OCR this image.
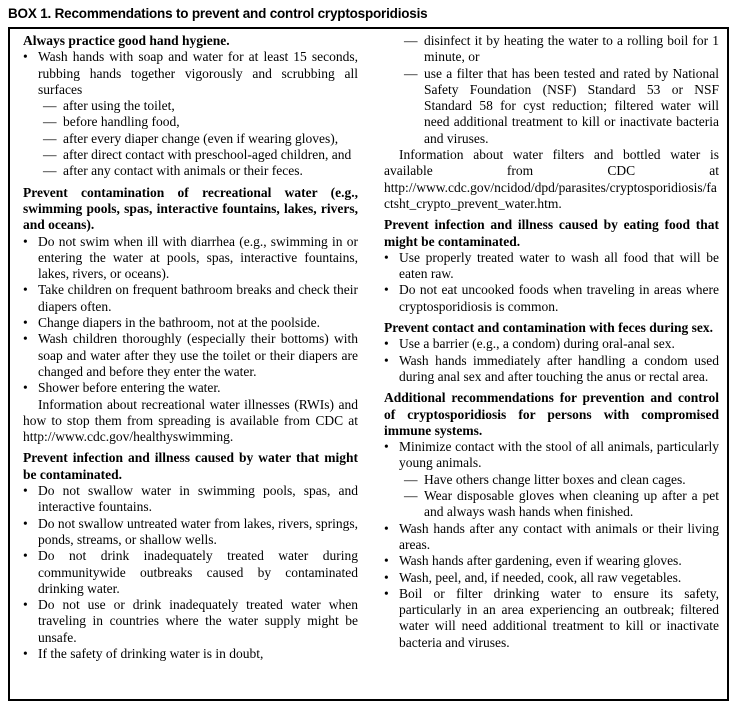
BOX 1. Recommendations to prevent and control cryptosporidiosis
Always practice good hand hygiene.
• Wash hands with soap and water for at least 15 seconds, rubbing hands together vigorously and scrubbing all surfaces
— after using the toilet,
— before handling food,
— after every diaper change (even if wearing gloves),
— after direct contact with preschool-aged children, and
— after any contact with animals or their feces.
Prevent contamination of recreational water (e.g., swimming pools, spas, interactive fountains, lakes, rivers, and oceans).
• Do not swim when ill with diarrhea (e.g., swimming in or entering the water at pools, spas, interactive fountains, lakes, rivers, or oceans).
• Take children on frequent bathroom breaks and check their diapers often.
• Change diapers in the bathroom, not at the poolside.
• Wash children thoroughly (especially their bottoms) with soap and water after they use the toilet or their diapers are changed and before they enter the water.
• Shower before entering the water.
Information about recreational water illnesses (RWIs) and how to stop them from spreading is available from CDC at http://www.cdc.gov/healthyswimming.
Prevent infection and illness caused by water that might be contaminated.
• Do not swallow water in swimming pools, spas, and interactive fountains.
• Do not swallow untreated water from lakes, rivers, springs, ponds, streams, or shallow wells.
• Do not drink inadequately treated water during communitywide outbreaks caused by contaminated drinking water.
• Do not use or drink inadequately treated water when traveling in countries where the water supply might be unsafe.
• If the safety of drinking water is in doubt,
— disinfect it by heating the water to a rolling boil for 1 minute, or
— use a filter that has been tested and rated by National Safety Foundation (NSF) Standard 53 or NSF Standard 58 for cyst reduction; filtered water will need additional treatment to kill or inactivate bacteria and viruses.
Information about water filters and bottled water is available from CDC at http://www.cdc.gov/ncidod/dpd/parasites/cryptosporidiosis/factsht_crypto_prevent_water.htm.
Prevent infection and illness caused by eating food that might be contaminated.
• Use properly treated water to wash all food that will be eaten raw.
• Do not eat uncooked foods when traveling in areas where cryptosporidiosis is common.
Prevent contact and contamination with feces during sex.
• Use a barrier (e.g., a condom) during oral-anal sex.
• Wash hands immediately after handling a condom used during anal sex and after touching the anus or rectal area.
Additional recommendations for prevention and control of cryptosporidiosis for persons with compromised immune systems.
• Minimize contact with the stool of all animals, particularly young animals.
— Have others change litter boxes and clean cages.
— Wear disposable gloves when cleaning up after a pet and always wash hands when finished.
• Wash hands after any contact with animals or their living areas.
• Wash hands after gardening, even if wearing gloves.
• Wash, peel, and, if needed, cook, all raw vegetables.
• Boil or filter drinking water to ensure its safety, particularly in an area experiencing an outbreak; filtered water will need additional treatment to kill or inactivate bacteria and viruses.
